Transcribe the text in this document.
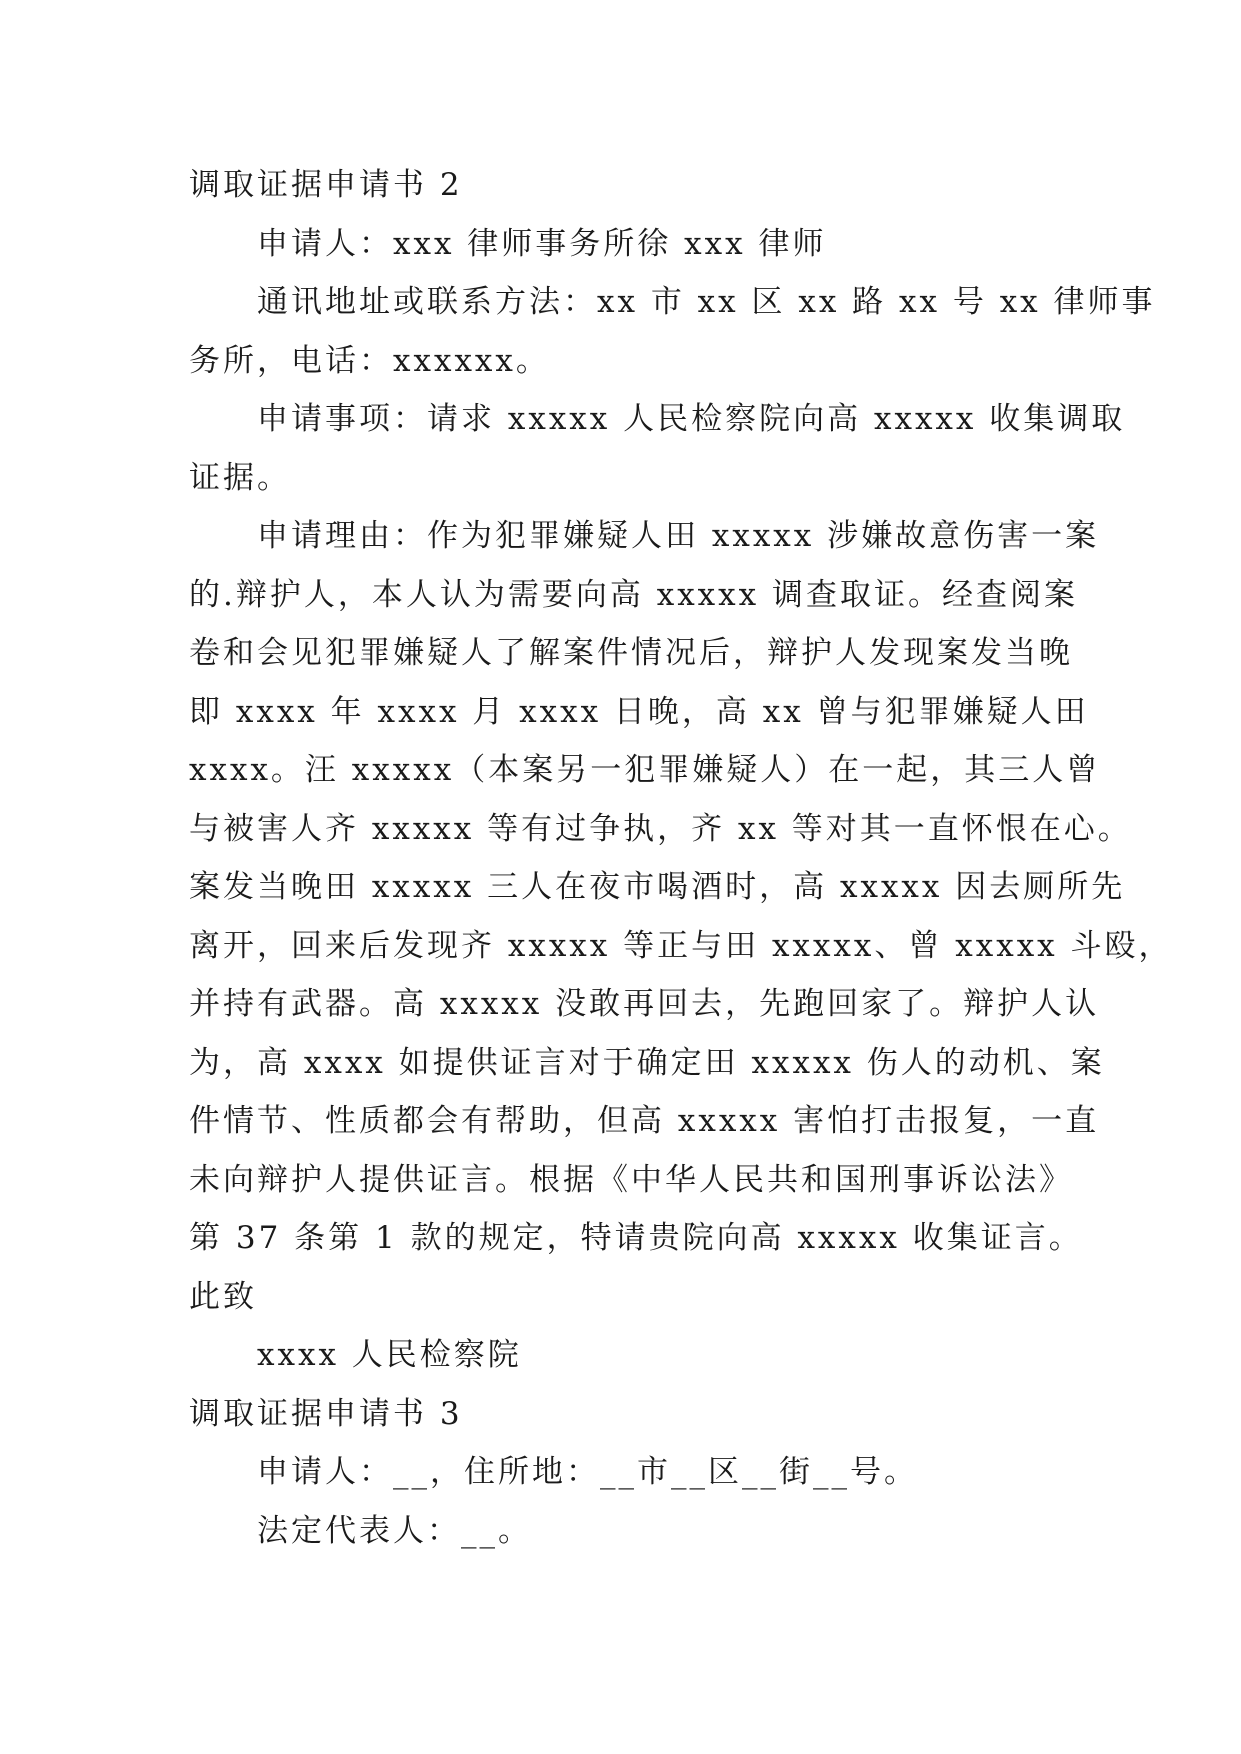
调取证据申请书 2
申请人：xxx 律师事务所徐 xxx 律师
通讯地址或联系方法：xx 市 xx 区 xx 路 xx 号 xx 律师事
务所，电话：xxxxxx。
申请事项：请求 xxxxx 人民检察院向高 xxxxx 收集调取
证据。
申请理由：作为犯罪嫌疑人田 xxxxx 涉嫌故意伤害一案
的.辩护人，本人认为需要向高 xxxxx 调查取证。经查阅案
卷和会见犯罪嫌疑人了解案件情况后，辩护人发现案发当晚
即 xxxx 年 xxxx 月 xxxx 日晚，高 xx 曾与犯罪嫌疑人田
xxxx。汪 xxxxx（本案另一犯罪嫌疑人）在一起，其三人曾
与被害人齐 xxxxx 等有过争执，齐 xx 等对其一直怀恨在心。
案发当晚田 xxxxx 三人在夜市喝酒时，高 xxxxx 因去厕所先
离开，回来后发现齐 xxxxx 等正与田 xxxxx、曾 xxxxx 斗殴，
并持有武器。高 xxxxx 没敢再回去，先跑回家了。辩护人认
为，高 xxxx 如提供证言对于确定田 xxxxx 伤人的动机、案
件情节、性质都会有帮助，但高 xxxxx 害怕打击报复，一直
未向辩护人提供证言。根据《中华人民共和国刑事诉讼法》
第 37 条第 1 款的规定，特请贵院向高 xxxxx 收集证言。
此致
xxxx 人民检察院
调取证据申请书 3
申请人：__，住所地：__市__区__街__号。
法定代表人：__。
